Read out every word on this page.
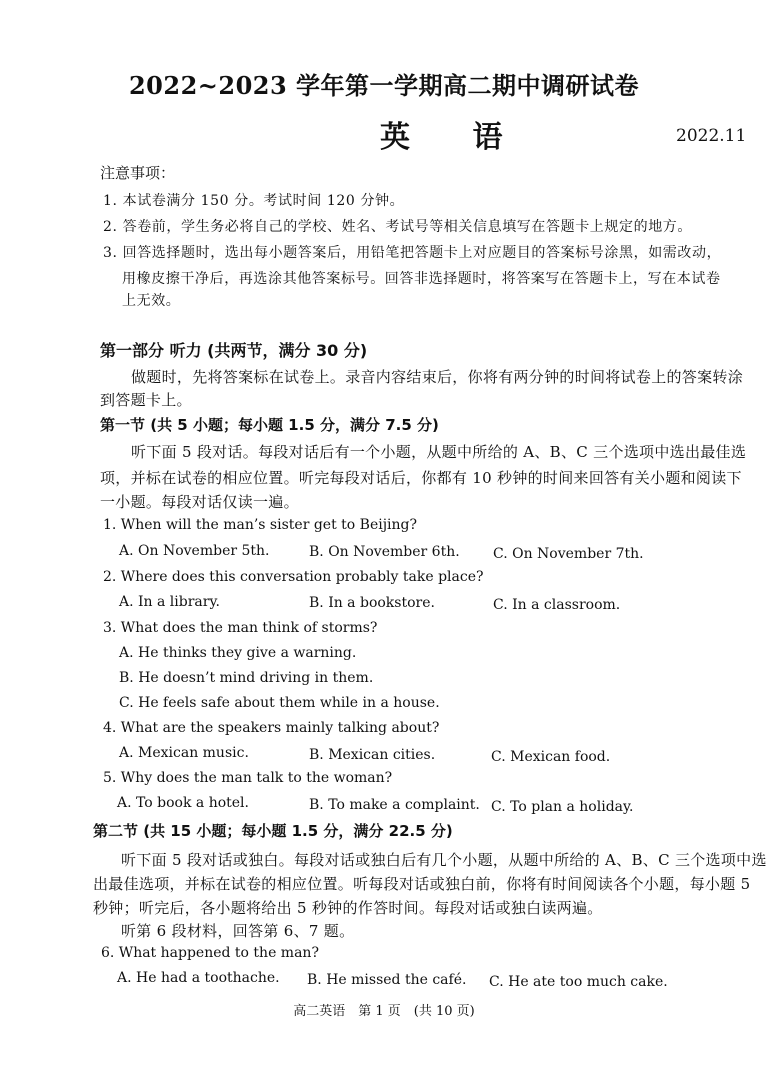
2022~2023 学年第一学期高二期中调研试卷
英 语	2022.11
注意事项：
1. 本试卷满分 150 分。考试时间 120 分钟。
2. 答卷前，学生务必将自己的学校、姓名、考试号等相关信息填写在答题卡上规定的地方。
3. 回答选择题时，选出每小题答案后，用铅笔把答题卡上对应题目的答案标号涂黑，如需改动，
用橡皮擦干净后，再选涂其他答案标号。回答非选择题时，将答案写在答题卡上，写在本试卷
上无效。
第一部分 听力 (共两节，满分 30 分)
做题时，先将答案标在试卷上。录音内容结束后，你将有两分钟的时间将试卷上的答案转涂
到答题卡上。
第一节 (共 5 小题；每小题 1.5 分，满分 7.5 分)
听下面 5 段对话。每段对话后有一个小题，从题中所给的 A、B、C 三个选项中选出最佳选
项，并标在试卷的相应位置。听完每段对话后，你都有 10 秒钟的时间来回答有关小题和阅读下
一小题。每段对话仅读一遍。
1. When will the man’s sister get to Beijing?
A. On November 5th.	B. On November 6th. C. On November 7th.
2. Where does this conversation probably take place?
A. In a library.	B. In a bookstore.	C. In a classroom.
3. What does the man think of storms?
A. He thinks they give a warning.
B. He doesn’t mind driving in them.
C. He feels safe about them while in a house.
4. What are the speakers mainly talking about?
A. Mexican music.	B. Mexican cities.	C. Mexican food.
5. Why does the man talk to the woman?
A. To book a hotel.	B. To make a complaint. C. To plan a holiday.
第二节 (共 15 小题；每小题 1.5 分，满分 22.5 分)
听下面 5 段对话或独白。每段对话或独白后有几个小题，从题中所给的 A、B、C 三个选项中选
出最佳选项，并标在试卷的相应位置。听每段对话或独白前，你将有时间阅读各个小题，每小题 5
秒钟；听完后，各小题将给出 5 秒钟的作答时间。每段对话或独白读两遍。
听第 6 段材料，回答第 6、7 题。
6. What happened to the man?
A. He had a toothache. B. He missed the café. C. He ate too much cake.
高二英语　第 1 页　(共 10 页)
